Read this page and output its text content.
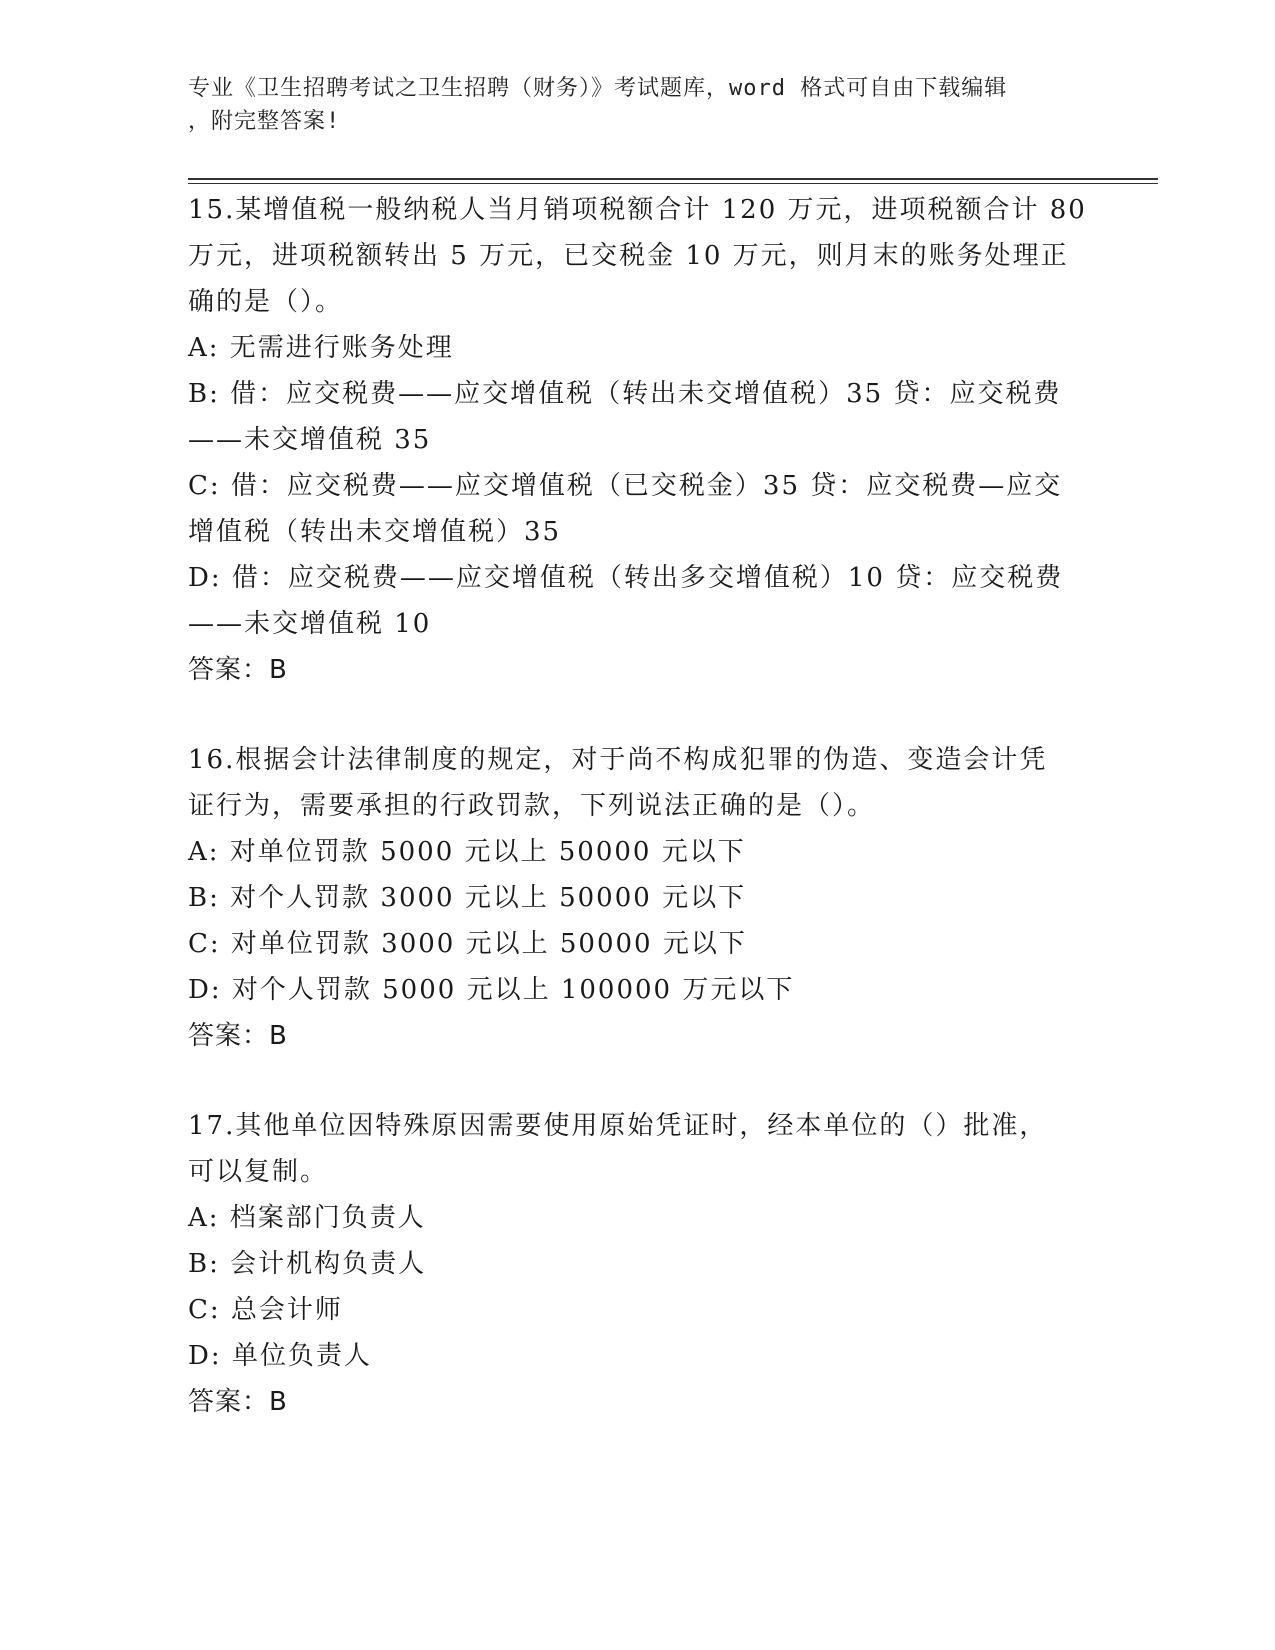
专业《卫生招聘考试之卫生招聘（财务）》考试题库，word 格式可自由下载编辑
，附完整答案!
15.某增值税一般纳税人当月销项税额合计 120 万元，进项税额合计 80
万元，进项税额转出 5 万元，已交税金 10 万元，则月末的账务处理正
确的是（）。
A: 无需进行账务处理
B: 借：应交税费——应交增值税（转出未交增值税）35 贷：应交税费
——未交增值税 35
C: 借：应交税费——应交增值税（已交税金）35 贷：应交税费—应交
增值税（转出未交增值税）35
D: 借：应交税费——应交增值税（转出多交增值税）10 贷：应交税费
——未交增值税 10
答案：B
16.根据会计法律制度的规定，对于尚不构成犯罪的伪造、变造会计凭
证行为，需要承担的行政罚款，下列说法正确的是（）。
A: 对单位罚款 5000 元以上 50000 元以下
B: 对个人罚款 3000 元以上 50000 元以下
C: 对单位罚款 3000 元以上 50000 元以下
D: 对个人罚款 5000 元以上 100000 万元以下
答案：B
17.其他单位因特殊原因需要使用原始凭证时，经本单位的（）批准，
可以复制。
A: 档案部门负责人
B: 会计机构负责人
C: 总会计师
D: 单位负责人
答案：B
